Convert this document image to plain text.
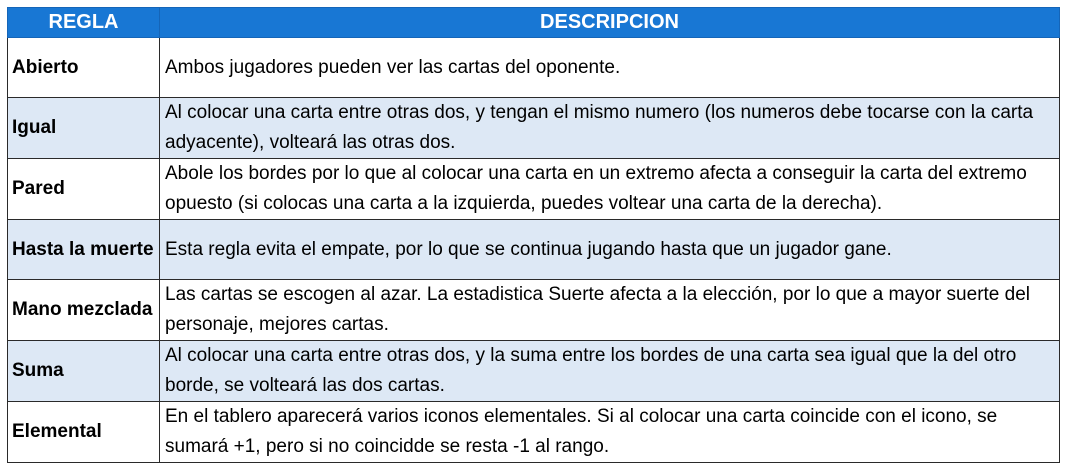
REGLA	DESCRIPCION
Abierto	Ambos jugadores pueden ver las cartas del oponente.
Igual	Al colocar una carta entre otras dos, y tengan el mismo numero (los numeros debe tocarse con la carta adyacente), volteará las otras dos.
Pared	Abole los bordes por lo que al colocar una carta en un extremo afecta a conseguir la carta del extremo opuesto (si colocas una carta a la izquierda, puedes voltear una carta de la derecha).
Hasta la muerte	Esta regla evita el empate, por lo que se continua jugando hasta que un jugador gane.
Mano mezclada	Las cartas se escogen al azar. La estadistica Suerte afecta a la elección, por lo que a mayor suerte del personaje, mejores cartas.
Suma	Al colocar una carta entre otras dos, y la suma entre los bordes de una carta sea igual que la del otro borde, se volteará las dos cartas.
Elemental	En el tablero aparecerá varios iconos elementales. Si al colocar una carta coincide con el icono, se sumará +1, pero si no coincidde se resta -1 al rango.
